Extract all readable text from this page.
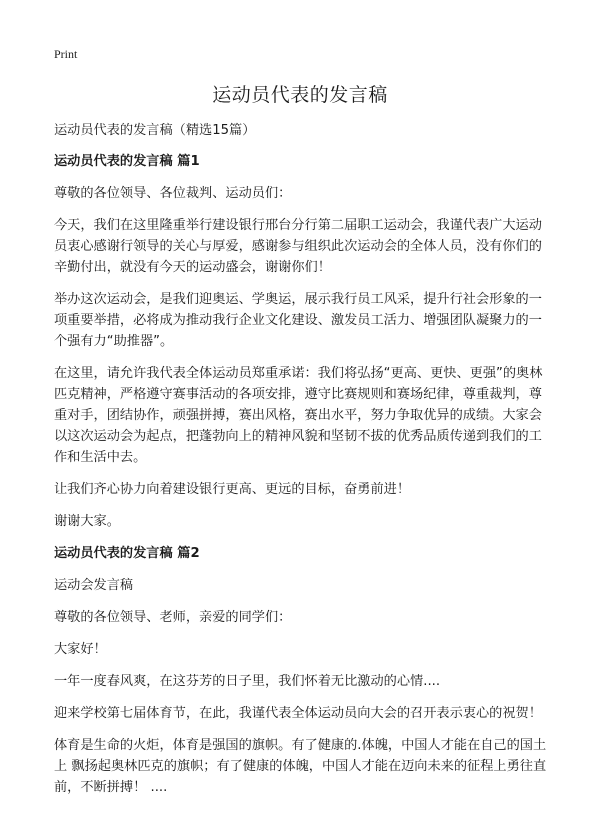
Print
运动员代表的发言稿

运动员代表的发言稿（精选15篇）

运动员代表的发言稿 篇1

尊敬的各位领导、各位裁判、运动员们：

今天，我们在这里隆重举行建设银行邢台分行第二届职工运动会，我谨代表广大运动员衷心感谢行领导的关心与厚爱，感谢参与组织此次运动会的全体人员，没有你们的辛勤付出，就没有今天的运动盛会，谢谢你们！

举办这次运动会，是我们迎奥运、学奥运，展示我行员工风采，提升行社会形象的一项重要举措，必将成为推动我行企业文化建设、激发员工活力、增强团队凝聚力的一个强有力“助推器”。

在这里，请允许我代表全体运动员郑重承诺：我们将弘扬“更高、更快、更强”的奥林匹克精神，严格遵守赛事活动的各项安排，遵守比赛规则和赛场纪律，尊重裁判，尊重对手，团结协作，顽强拼搏，赛出风格，赛出水平，努力争取优异的成绩。大家会以这次运动会为起点，把蓬勃向上的精神风貌和坚韧不拔的优秀品质传递到我们的工作和生活中去。

让我们齐心协力向着建设银行更高、更远的目标，奋勇前进！

谢谢大家。

运动员代表的发言稿 篇2

运动会发言稿

尊敬的各位领导、老师，亲爱的同学们：

大家好！

一年一度春风爽，在这芬芳的日子里，我们怀着无比激动的心情....

迎来学校第七届体育节，在此，我谨代表全体运动员向大会的召开表示衷心的祝贺！

体育是生命的火炬，体育是强国的旗帜。有了健康的.体魄，中国人才能在自己的国土上 飘扬起奥林匹克的旗帜；有了健康的体魄，中国人才能在迈向未来的征程上勇往直前，不断拼搏！ ....
